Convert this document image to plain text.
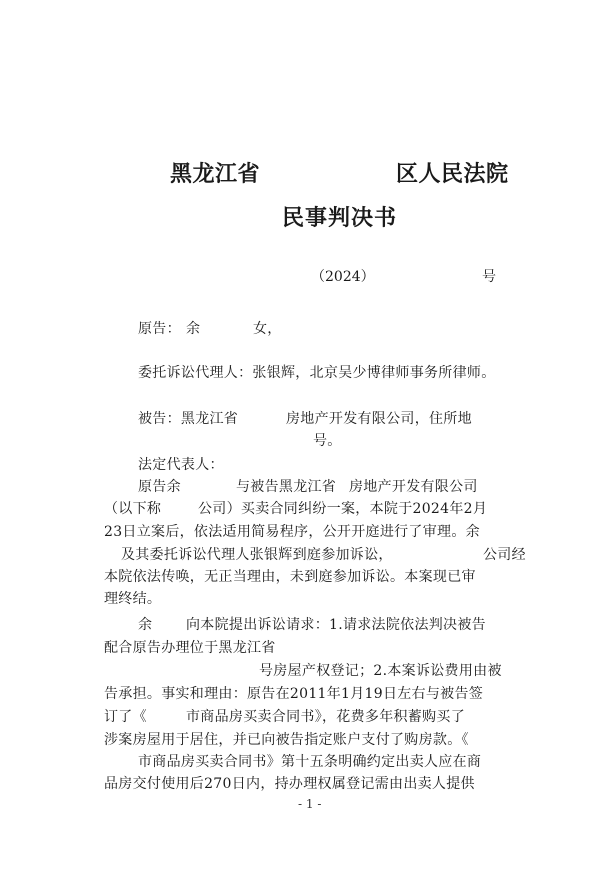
黑龙江省	区人民法院
民事判决书
（2024）	号
原告： 余	女，
委托诉讼代理人：张银辉，北京吴少博律师事务所律师。
被告：黑龙江省	房地产开发有限公司，住所地
号。
法定代表人：
原告余	与被告黑龙江省 房地产开发有限公司
（以下称	公司）买卖合同纠纷一案，本院于2024年2月
23日立案后，依法适用简易程序，公开开庭进行了审理。余
及其委托诉讼代理人张银辉到庭参加诉讼，	公司经
本院依法传唤，无正当理由，未到庭参加诉讼。本案现已审
理终结。
余 向本院提出诉讼请求：1.请求法院依法判决被告
配合原告办理位于黑龙江省
号房屋产权登记；2.本案诉讼费用由被
告承担。事实和理由：原告在2011年1月19日左右与被告签
订了《	市商品房买卖合同书》，花费多年积蓄购买了
涉案房屋用于居住，并已向被告指定账户支付了购房款。《
市商品房买卖合同书》第十五条明确约定出卖人应在商
品房交付使用后270日内，持办理权属登记需由出卖人提供
- 1 -
